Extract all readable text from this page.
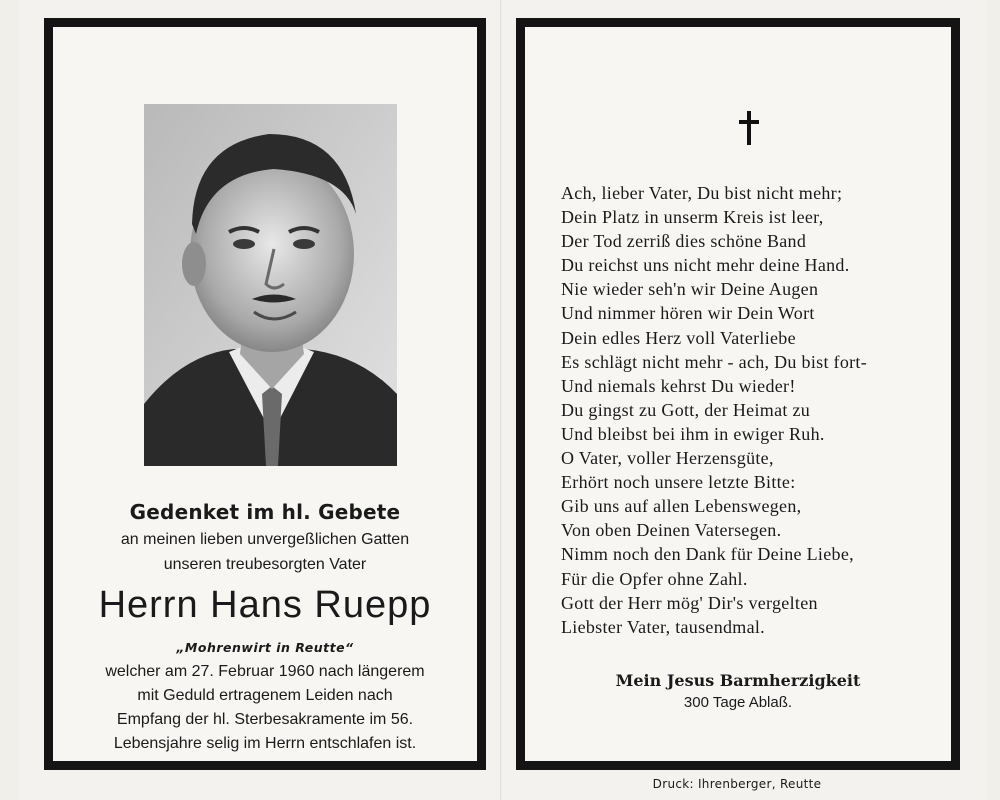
Gedenket im hl. Gebete
an meinen lieben unvergeßlichen Gatten
unseren treubesorgten Vater
Herrn Hans Ruepp
„Mohrenwirt in Reutte“
welcher am 27. Februar 1960 nach längerem
mit Geduld ertragenem Leiden nach
Empfang der hl. Sterbesakramente im 56.
Lebensjahre selig im Herrn entschlafen ist.
Ach, lieber Vater, Du bist nicht mehr;
Dein Platz in unserm Kreis ist leer,
Der Tod zerriß dies schöne Band
Du reichst uns nicht mehr deine Hand.
Nie wieder seh'n wir Deine Augen
Und nimmer hören wir Dein Wort
Dein edles Herz voll Vaterliebe
Es schlägt nicht mehr - ach, Du bist fort-
Und niemals kehrst Du wieder!
Du gingst zu Gott, der Heimat zu
Und bleibst bei ihm in ewiger Ruh.
O Vater, voller Herzensgüte,
Erhört noch unsere letzte Bitte:
Gib uns auf allen Lebenswegen,
Von oben Deinen Vatersegen.
Nimm noch den Dank für Deine Liebe,
Für die Opfer ohne Zahl.
Gott der Herr mög' Dir's vergelten
Liebster Vater, tausendmal.
Mein Jesus Barmherzigkeit
300 Tage Ablaß.
Druck: Ihrenberger, Reutte
